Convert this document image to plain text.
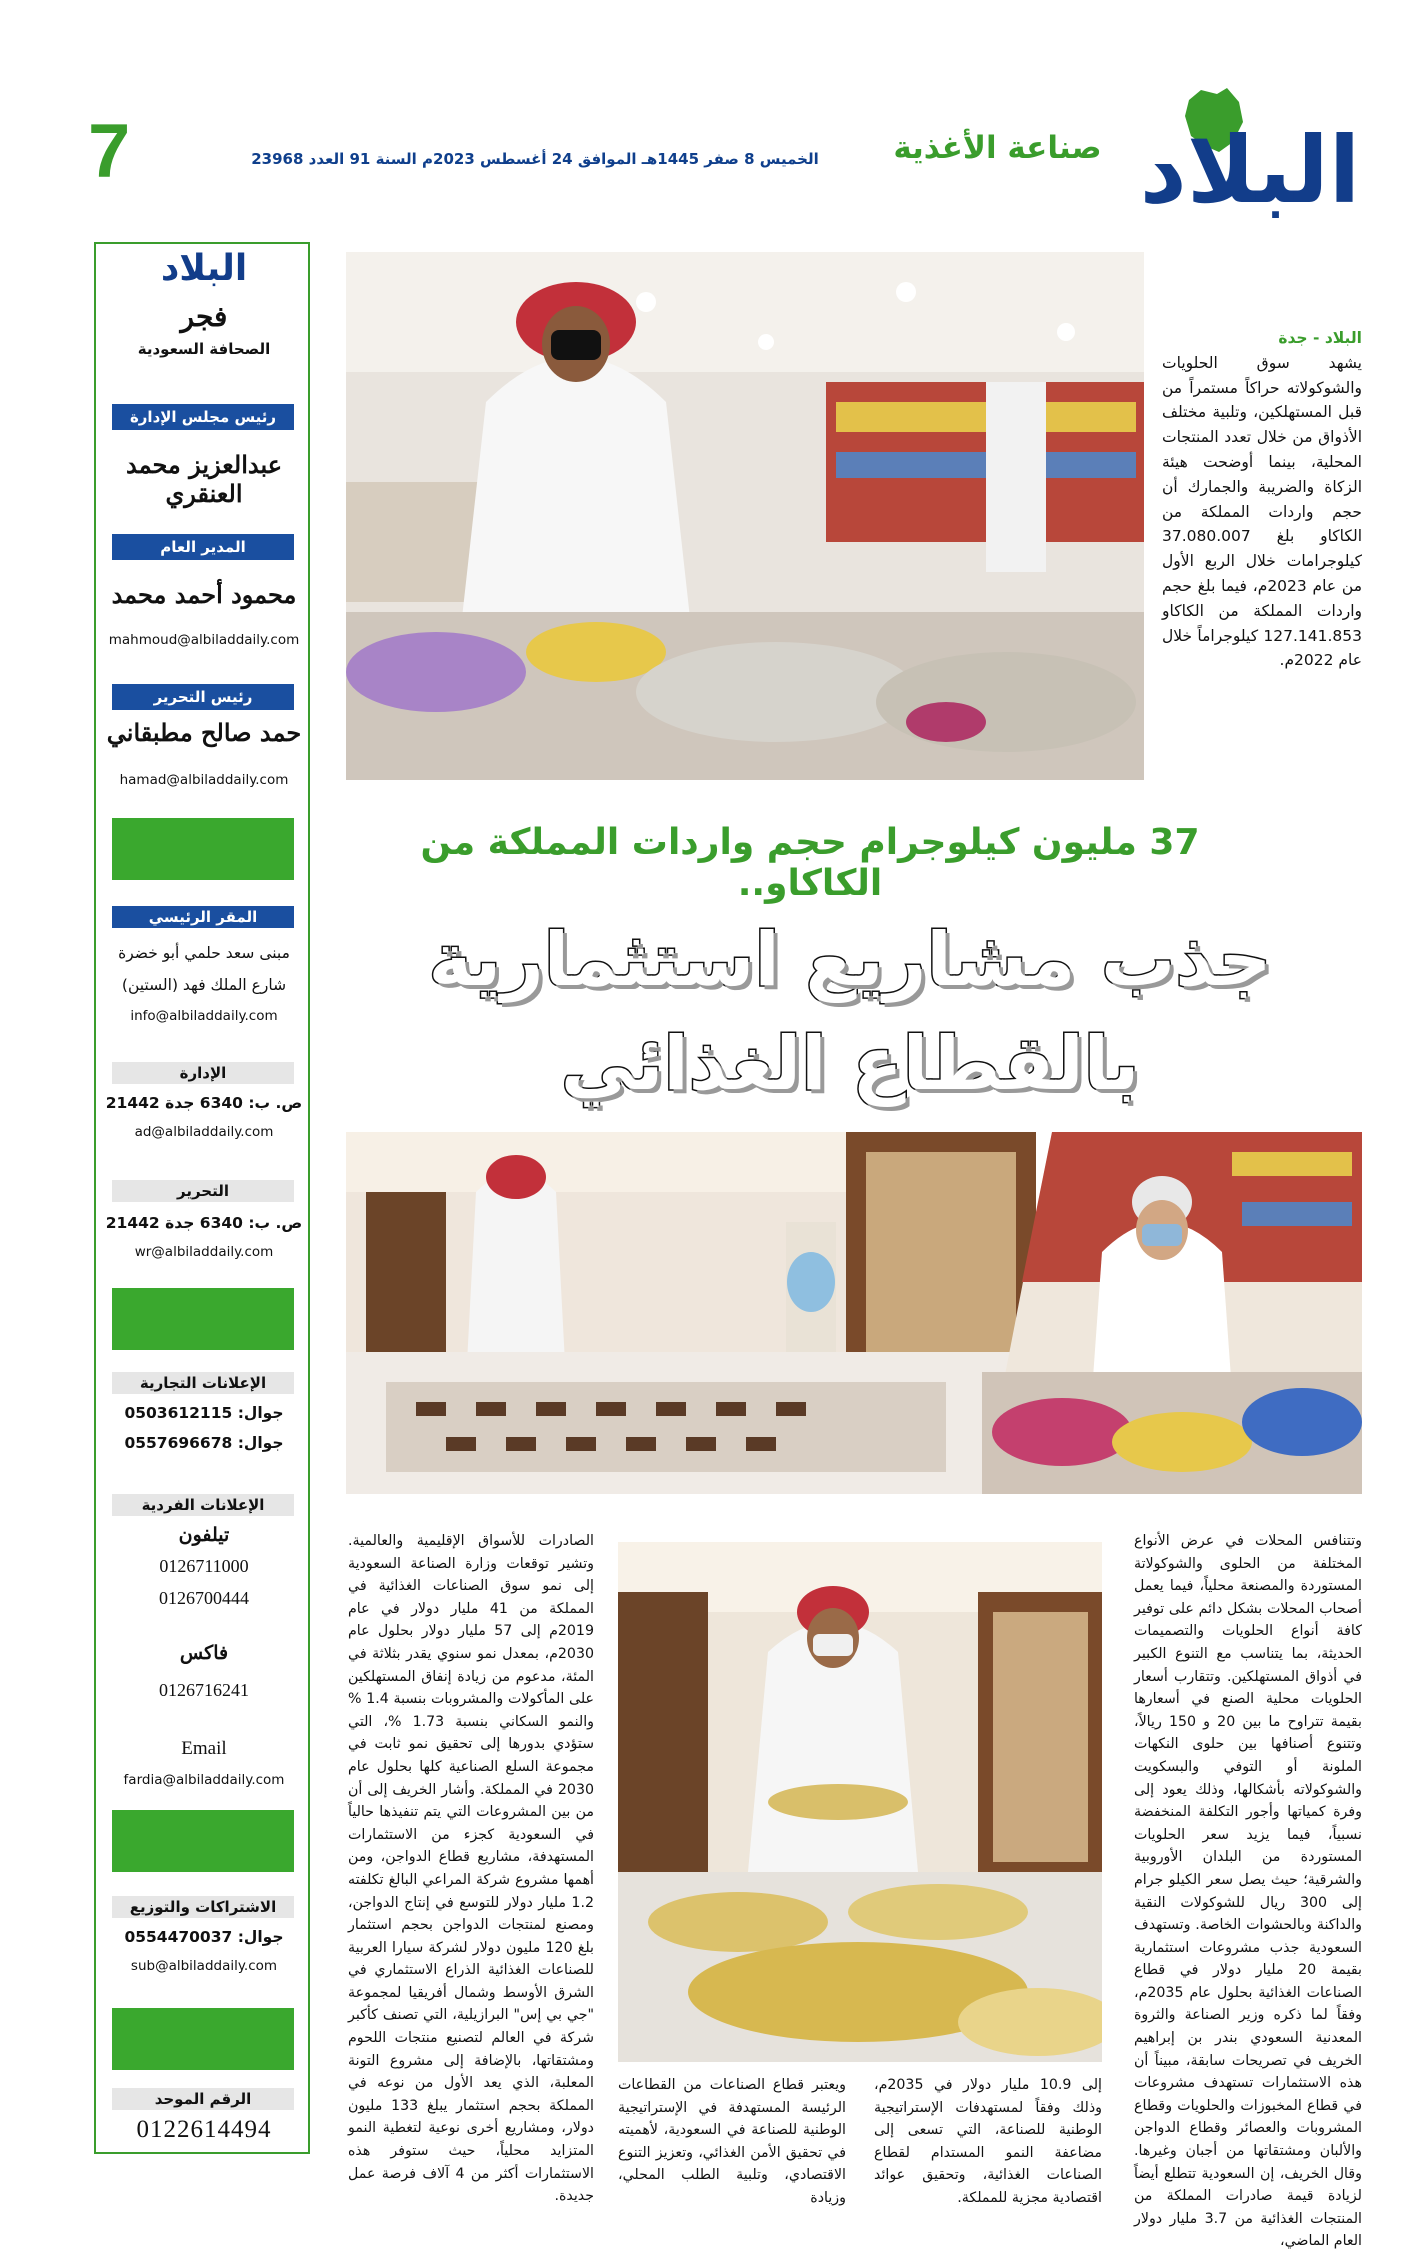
7	الخميس 8 صفر 1445هـ الموافق 24 أغسطس 2023م السنة 91 العدد 23968	صناعة الأغذية البلاد
البلاد - جدة
يشهد سوق الحلويات والشوكولاته حراكاً مستمراً من قبل المستهلكين، وتلبية مختلف الأذواق من خلال تعدد المنتجات المحلية، بينما أوضحت هيئة الزكاة والضريبة والجمارك أن حجم واردات المملكة من الكاكاو بلغ 37.080.007 كيلوجرامات خلال الربع الأول من عام 2023م، فيما بلغ حجم واردات المملكة من الكاكاو 127.141.853 كيلوجراماً خلال عام 2022م.
37 مليون كيلوجرام حجم واردات المملكة من الكاكاو..
جذب مشاريع استثمارية
بالقطاع الغذائي

وتتنافس المحلات في عرض الأنواع المختلفة من الحلوى والشوكولاتة المستوردة والمصنعة محلياً، فيما يعمل أصحاب المحلات بشكل دائم على توفير كافة أنواع الحلويات والتصميمات الحديثة، بما يتناسب مع التنوع الكبير في أذواق المستهلكين. وتتقارب أسعار الحلويات محلية الصنع في أسعارها بقيمة تتراوح ما بين 20 و 150 ريالاً، وتتنوع أصنافها بين حلوى النكهات الملونة أو التوفي والبسكويت والشوكولاته بأشكالها، وذلك يعود إلى وفرة كمياتها وأجور التكلفة المنخفضة نسبياً، فيما يزيد سعر الحلويات المستوردة من البلدان الأوروبية والشرقية؛ حيث يصل سعر الكيلو جرام إلى 300 ريال للشوكولات النقية والداكنة وبالحشوات الخاصة. وتستهدف السعودية جذب مشروعات استثمارية بقيمة 20 مليار دولار في قطاع الصناعات الغذائية بحلول عام 2035م، وفقاً لما ذكره وزير الصناعة والثروة المعدنية السعودي بندر بن إبراهيم الخريف في تصريحات سابقة، مبيناً أن هذه الاستثمارات تستهدف مشروعات في قطاع المخبوزات والحلويات وقطاع المشروبات والعصائر وقطاع الدواجن والألبان ومشتقاتها من أجبان وغيرها. وقال الخريف، إن السعودية تتطلع أيضاً لزيادة قيمة صادرات المملكة من المنتجات الغذائية من 3.7 مليار دولار العام الماضي،

إلى 10.9 مليار دولار في 2035م، وذلك وفقاً لمستهدفات الإستراتيجية الوطنية للصناعة، التي تسعى إلى مضاعفة النمو المستدام لقطاع الصناعات الغذائية، وتحقيق عوائد اقتصادية مجزية للمملكة.

ويعتبر قطاع الصناعات من القطاعات الرئيسة المستهدفة في الإستراتيجية الوطنية للصناعة في السعودية، لأهميته في تحقيق الأمن الغذائي، وتعزيز التنوع الاقتصادي، وتلبية الطلب المحلي، وزيادة

الصادرات للأسواق الإقليمية والعالمية. وتشير توقعات وزارة الصناعة السعودية إلى نمو سوق الصناعات الغذائية في المملكة من 41 مليار دولار في عام 2019م إلى 57 مليار دولار بحلول عام 2030م، بمعدل نمو سنوي يقدر بثلاثة في المئة، مدعوم من زيادة إنفاق المستهلكين على المأكولات والمشروبات بنسبة 1.4 % والنمو السكاني بنسبة 1.73 %، التي ستؤدي بدورها إلى تحقيق نمو ثابت في مجموعة السلع الصناعية كلها بحلول عام 2030 في المملكة. وأشار الخريف إلى أن من بين المشروعات التي يتم تنفيذها حالياً في السعودية كجزء من الاستثمارات المستهدفة، مشاريع قطاع الدواجن، ومن أهمها مشروع شركة المراعي البالغ تكلفته 1.2 مليار دولار للتوسع في إنتاج الدواجن، ومصنع لمنتجات الدواجن بحجم استثمار بلغ 120 مليون دولار لشركة سيارا العربية للصناعات الغذائية الذراع الاستثماري في الشرق الأوسط وشمال أفريقيا لمجموعة "جي بي إس" البرازيلية، التي تصنف كأكبر شركة في العالم لتصنيع منتجات اللحوم ومشتقاتها، بالإضافة إلى مشروع التونة المعلبة، الذي يعد الأول من نوعه في المملكة بحجم استثمار يبلغ 133 مليون دولار، ومشاريع أخرى نوعية لتغطية النمو المتزايد محلياً، حيث ستوفر هذه الاستثمارات أكثر من 4 آلاف فرصة عمل جديدة.

البلاد
فجر
الصحافة السعودية
رئيس مجلس الإدارة
عبدالعزيز محمد العنقري
المدير العام
محمود أحمد محمد
mahmoud@albiladdaily.com
رئيس التحرير
حمد صالح مطبقاني
hamad@albiladdaily.com
المقر الرئيسي
مبنى سعد حلمي أبو خضرة
شارع الملك فهد (الستين)
info@albiladdaily.com
الإدارة
ص. ب: 6340 جدة 21442
ad@albiladdaily.com
التحرير
ص. ب: 6340 جدة 21442
wr@albiladdaily.com
الإعلانات التجارية
جوال: 0503612115
جوال: 0557696678
الإعلانات الفردية
تيلفون
0126711000
0126700444
فاكس
0126716241
Email
fardia@albiladdaily.com
الاشتراكات والتوزيع
جوال: 0554470037
sub@albiladdaily.com
الرقم الموحد
0122614494
